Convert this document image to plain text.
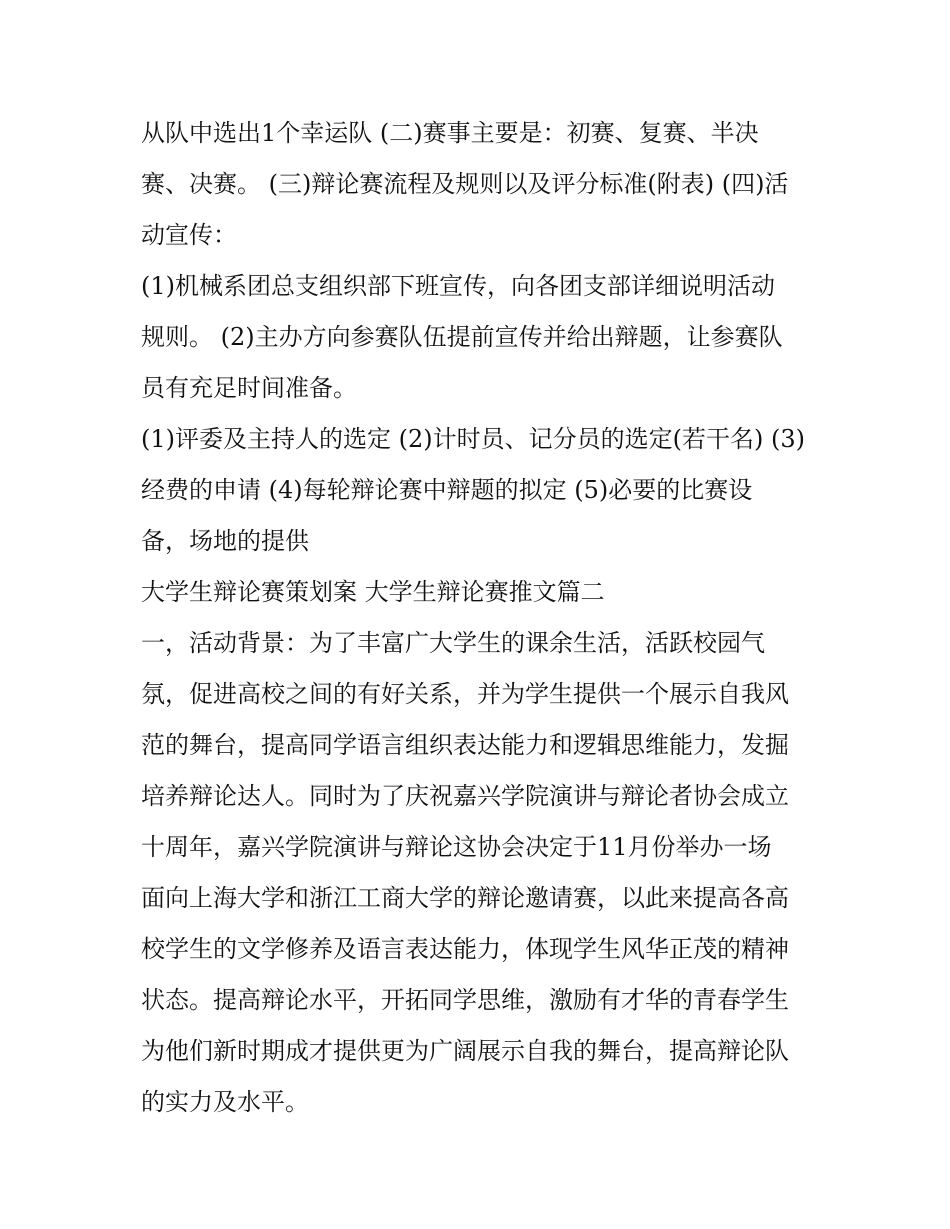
从队中选出1个幸运队 (二)赛事主要是：初赛、复赛、半决
赛、决赛。 (三)辩论赛流程及规则以及评分标准(附表) (四)活
动宣传：
(1)机械系团总支组织部下班宣传，向各团支部详细说明活动
规则。 (2)主办方向参赛队伍提前宣传并给出辩题，让参赛队
员有充足时间准备。
(1)评委及主持人的选定 (2)计时员、记分员的选定(若干名) (3)
经费的申请 (4)每轮辩论赛中辩题的拟定 (5)必要的比赛设
备，场地的提供
大学生辩论赛策划案 大学生辩论赛推文篇二
一，活动背景：为了丰富广大学生的课余生活，活跃校园气
氛，促进高校之间的有好关系，并为学生提供一个展示自我风
范的舞台，提高同学语言组织表达能力和逻辑思维能力，发掘
培养辩论达人。同时为了庆祝嘉兴学院演讲与辩论者协会成立
十周年，嘉兴学院演讲与辩论这协会决定于11月份举办一场
面向上海大学和浙江工商大学的辩论邀请赛，以此来提高各高
校学生的文学修养及语言表达能力，体现学生风华正茂的精神
状态。提高辩论水平，开拓同学思维，激励有才华的青春学生
为他们新时期成才提供更为广阔展示自我的舞台，提高辩论队
的实力及水平。
